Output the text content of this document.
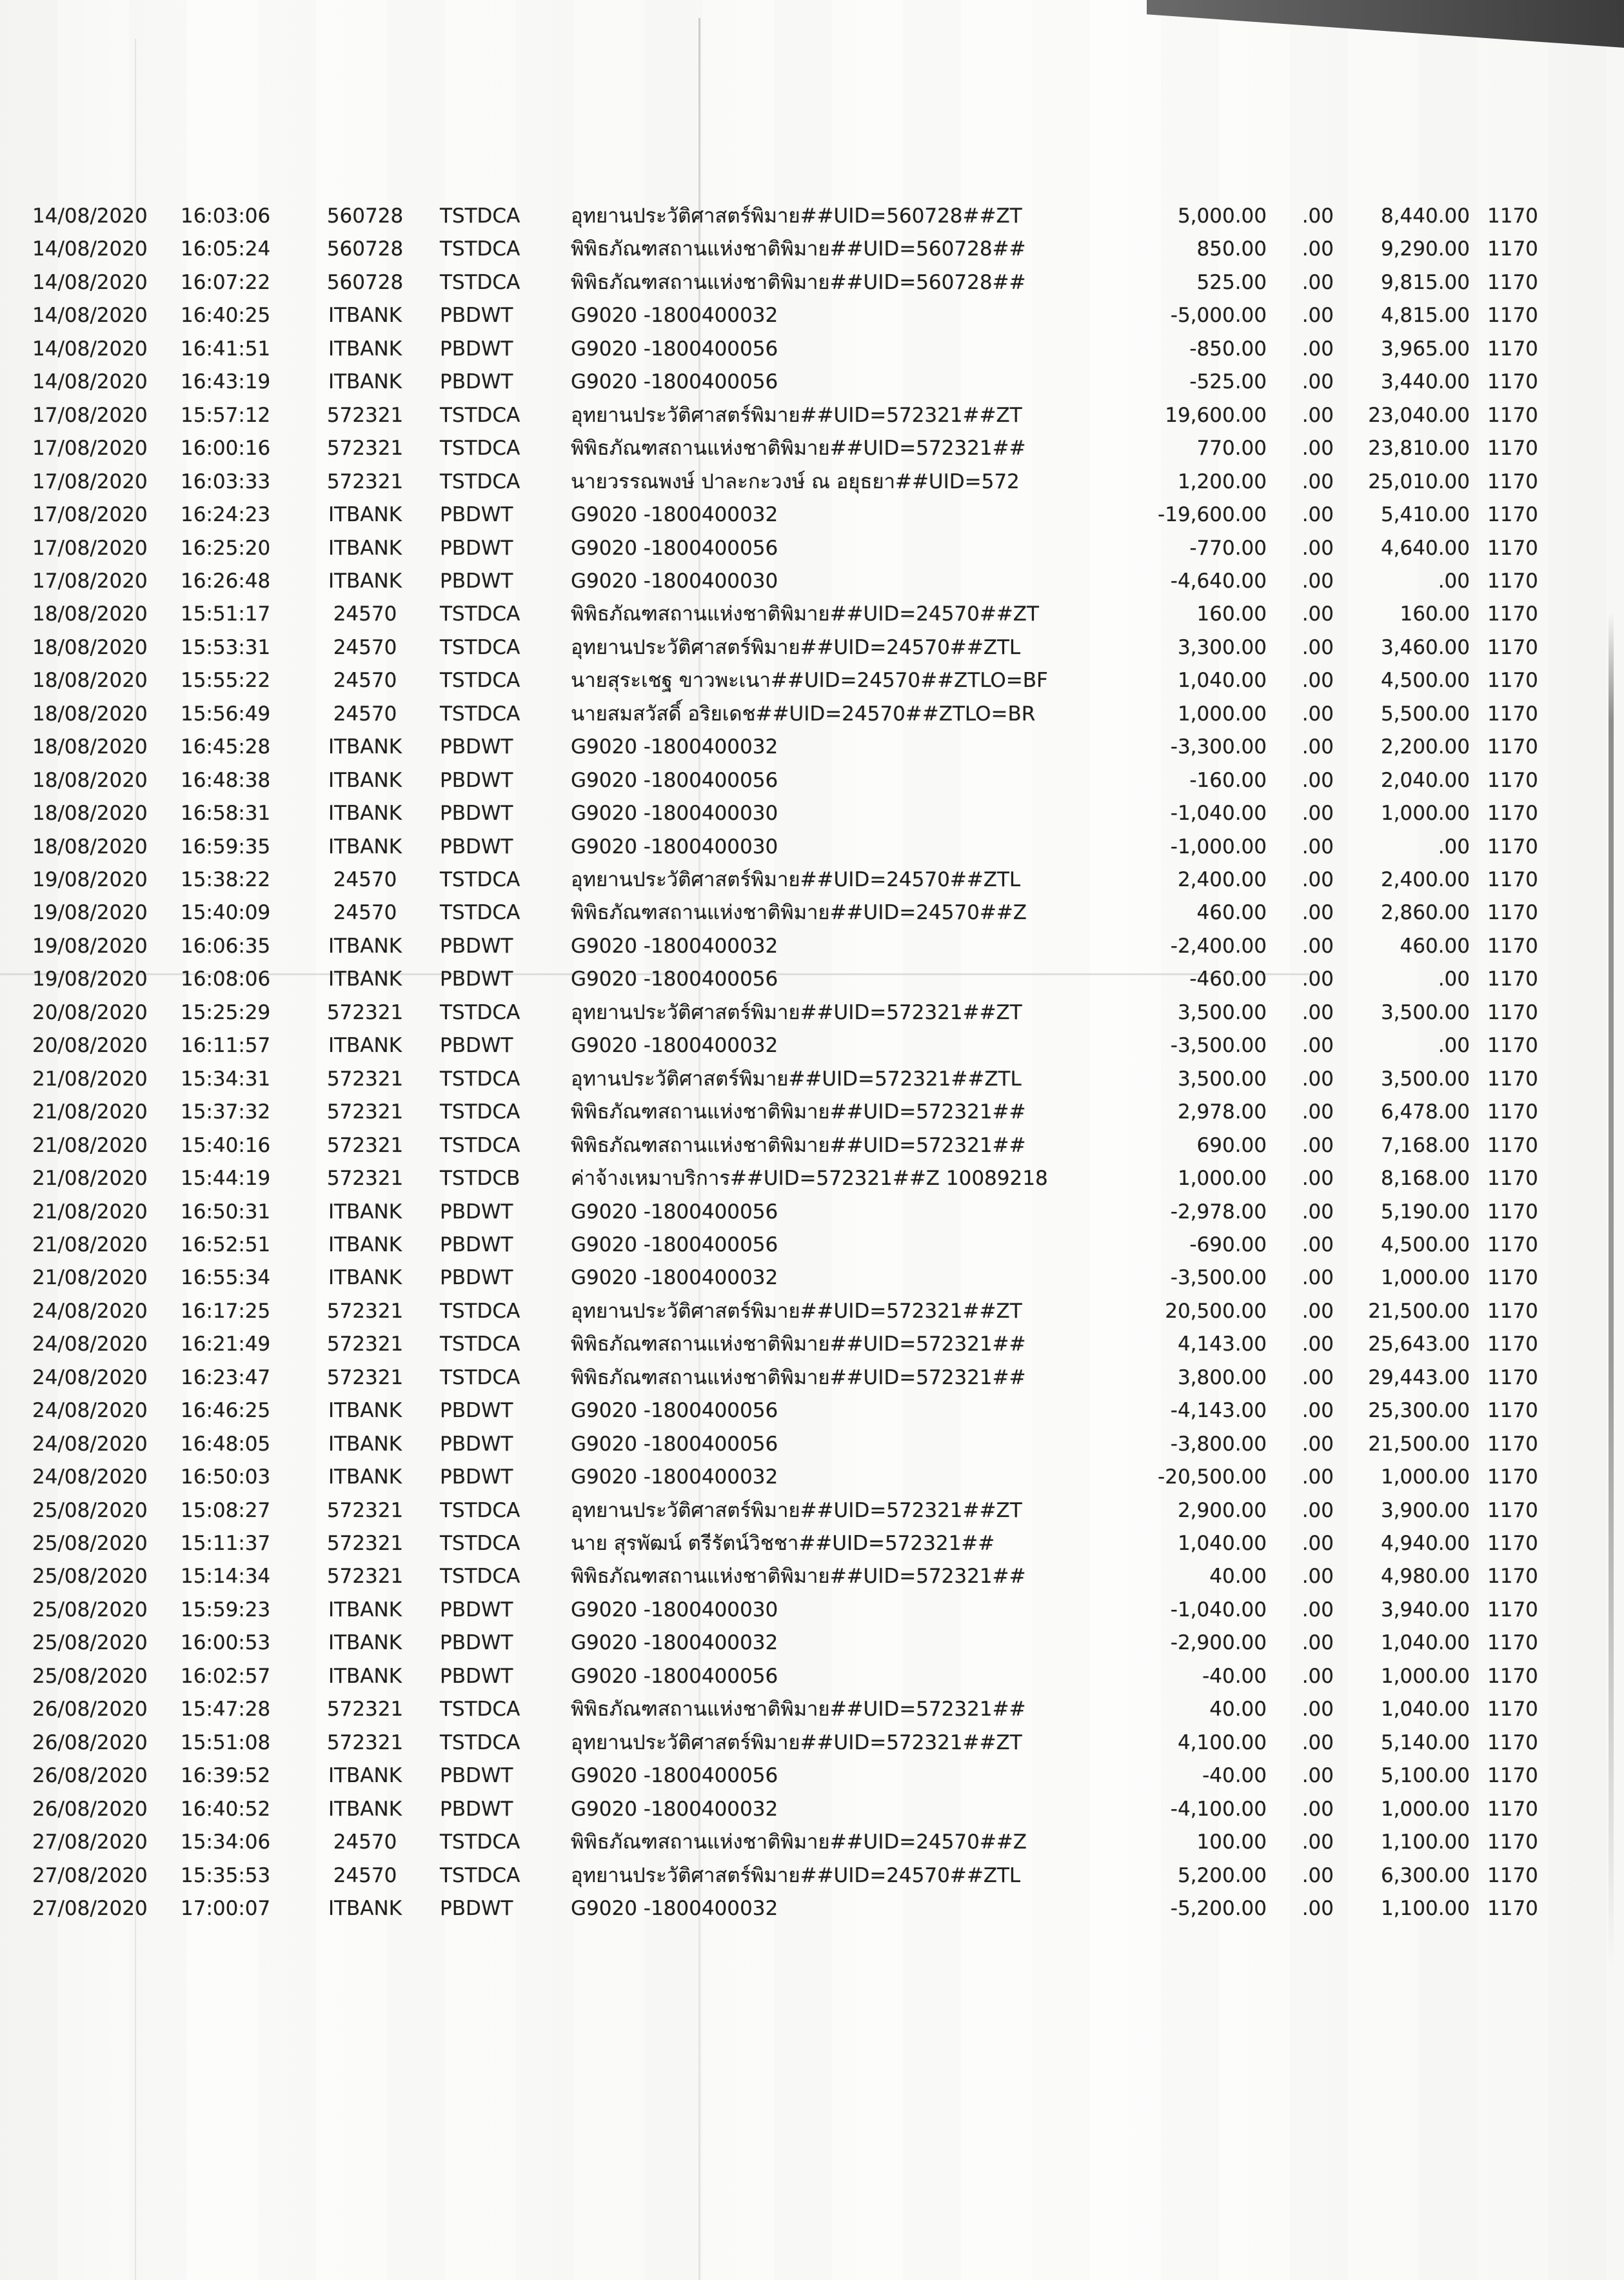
14/08/2020	16:03:06	560728	TSTDCA	อุทยานประวัติศาสตร์พิมาย##UID=560728##ZT	5,000.00	.00	8,440.00 1170
14/08/2020	16:05:24	560728	TSTDCA	พิพิธภัณฑสถานแห่งชาติพิมาย##UID=560728##	850.00	.00	9,290.00 1170
14/08/2020	16:07:22	560728	TSTDCA	พิพิธภัณฑสถานแห่งชาติพิมาย##UID=560728##	525.00	.00	9,815.00 1170
14/08/2020	16:40:25	ITBANK	PBDWT	G9020 -1800400032	-5,000.00	.00	4,815.00 1170
14/08/2020	16:41:51	ITBANK	PBDWT	G9020 -1800400056	-850.00	.00	3,965.00 1170
14/08/2020	16:43:19	ITBANK	PBDWT	G9020 -1800400056	-525.00	.00	3,440.00 1170
17/08/2020	15:57:12	572321	TSTDCA	อุทยานประวัติศาสตร์พิมาย##UID=572321##ZT	19,600.00	.00	23,040.00 1170
17/08/2020	16:00:16	572321	TSTDCA	พิพิธภัณฑสถานแห่งชาติพิมาย##UID=572321##	770.00	.00	23,810.00 1170
17/08/2020	16:03:33	572321	TSTDCA	นายวรรณพงษ์ ปาละกะวงษ์ ณ อยุธยา##UID=572	1,200.00	.00	25,010.00 1170
17/08/2020	16:24:23	ITBANK	PBDWT	G9020 -1800400032	-19,600.00	.00	5,410.00 1170
17/08/2020	16:25:20	ITBANK	PBDWT	G9020 -1800400056	-770.00	.00	4,640.00 1170
17/08/2020	16:26:48	ITBANK	PBDWT	G9020 -1800400030	-4,640.00	.00	.00 1170
18/08/2020	15:51:17	24570	TSTDCA	พิพิธภัณฑสถานแห่งชาติพิมาย##UID=24570##ZT	160.00	.00	160.00 1170
18/08/2020	15:53:31	24570	TSTDCA	อุทยานประวัติศาสตร์พิมาย##UID=24570##ZTL	3,300.00	.00	3,460.00 1170
18/08/2020	15:55:22	24570	TSTDCA	นายสุระเชฐ ขาวพะเนา##UID=24570##ZTLO=BF	1,040.00	.00	4,500.00 1170
18/08/2020	15:56:49	24570	TSTDCA	นายสมสวัสดิ์ อริยเดช##UID=24570##ZTLO=BR	1,000.00	.00	5,500.00 1170
18/08/2020	16:45:28	ITBANK	PBDWT	G9020 -1800400032	-3,300.00	.00	2,200.00 1170
18/08/2020	16:48:38	ITBANK	PBDWT	G9020 -1800400056	-160.00	.00	2,040.00 1170
18/08/2020	16:58:31	ITBANK	PBDWT	G9020 -1800400030	-1,040.00	.00	1,000.00 1170
18/08/2020	16:59:35	ITBANK	PBDWT	G9020 -1800400030	-1,000.00	.00	.00 1170
19/08/2020	15:38:22	24570	TSTDCA	อุทยานประวัติศาสตร์พิมาย##UID=24570##ZTL	2,400.00	.00	2,400.00 1170
19/08/2020	15:40:09	24570	TSTDCA	พิพิธภัณฑสถานแห่งชาติพิมาย##UID=24570##Z	460.00	.00	2,860.00 1170
19/08/2020	16:06:35	ITBANK	PBDWT	G9020 -1800400032	-2,400.00	.00	460.00 1170
19/08/2020	16:08:06	ITBANK	PBDWT	G9020 -1800400056	-460.00	.00	.00 1170
20/08/2020	15:25:29	572321	TSTDCA	อุทยานประวัติศาสตร์พิมาย##UID=572321##ZT	3,500.00	.00	3,500.00 1170
20/08/2020	16:11:57	ITBANK	PBDWT	G9020 -1800400032	-3,500.00	.00	.00 1170
21/08/2020	15:34:31	572321	TSTDCA	อุทานประวัติศาสตร์พิมาย##UID=572321##ZTL	3,500.00	.00	3,500.00 1170
21/08/2020	15:37:32	572321	TSTDCA	พิพิธภัณฑสถานแห่งชาติพิมาย##UID=572321##	2,978.00	.00	6,478.00 1170
21/08/2020	15:40:16	572321	TSTDCA	พิพิธภัณฑสถานแห่งชาติพิมาย##UID=572321##	690.00	.00	7,168.00 1170
21/08/2020	15:44:19	572321	TSTDCB	ค่าจ้างเหมาบริการ##UID=572321##Z 10089218	1,000.00	.00	8,168.00 1170
21/08/2020	16:50:31	ITBANK	PBDWT	G9020 -1800400056	-2,978.00	.00	5,190.00 1170
21/08/2020	16:52:51	ITBANK	PBDWT	G9020 -1800400056	-690.00	.00	4,500.00 1170
21/08/2020	16:55:34	ITBANK	PBDWT	G9020 -1800400032	-3,500.00	.00	1,000.00 1170
24/08/2020	16:17:25	572321	TSTDCA	อุทยานประวัติศาสตร์พิมาย##UID=572321##ZT	20,500.00	.00	21,500.00 1170
24/08/2020	16:21:49	572321	TSTDCA	พิพิธภัณฑสถานแห่งชาติพิมาย##UID=572321##	4,143.00	.00	25,643.00 1170
24/08/2020	16:23:47	572321	TSTDCA	พิพิธภัณฑสถานแห่งชาติพิมาย##UID=572321##	3,800.00	.00	29,443.00 1170
24/08/2020	16:46:25	ITBANK	PBDWT	G9020 -1800400056	-4,143.00	.00	25,300.00 1170
24/08/2020	16:48:05	ITBANK	PBDWT	G9020 -1800400056	-3,800.00	.00	21,500.00 1170
24/08/2020	16:50:03	ITBANK	PBDWT	G9020 -1800400032	-20,500.00	.00	1,000.00 1170
25/08/2020	15:08:27	572321	TSTDCA	อุทยานประวัติศาสตร์พิมาย##UID=572321##ZT	2,900.00	.00	3,900.00 1170
25/08/2020	15:11:37	572321	TSTDCA	นาย สุรพัฒน์ ตรีรัตน์วิชชา##UID=572321##	1,040.00	.00	4,940.00 1170
25/08/2020	15:14:34	572321	TSTDCA	พิพิธภัณฑสถานแห่งชาติพิมาย##UID=572321##	40.00	.00	4,980.00 1170
25/08/2020	15:59:23	ITBANK	PBDWT	G9020 -1800400030	-1,040.00	.00	3,940.00 1170
25/08/2020	16:00:53	ITBANK	PBDWT	G9020 -1800400032	-2,900.00	.00	1,040.00 1170
25/08/2020	16:02:57	ITBANK	PBDWT	G9020 -1800400056	-40.00	.00	1,000.00 1170
26/08/2020	15:47:28	572321	TSTDCA	พิพิธภัณฑสถานแห่งชาติพิมาย##UID=572321##	40.00	.00	1,040.00 1170
26/08/2020	15:51:08	572321	TSTDCA	อุทยานประวัติศาสตร์พิมาย##UID=572321##ZT	4,100.00	.00	5,140.00 1170
26/08/2020	16:39:52	ITBANK	PBDWT	G9020 -1800400056	-40.00	.00	5,100.00 1170
26/08/2020	16:40:52	ITBANK	PBDWT	G9020 -1800400032	-4,100.00	.00	1,000.00 1170
27/08/2020	15:34:06	24570	TSTDCA	พิพิธภัณฑสถานแห่งชาติพิมาย##UID=24570##Z	100.00	.00	1,100.00 1170
27/08/2020	15:35:53	24570	TSTDCA	อุทยานประวัติศาสตร์พิมาย##UID=24570##ZTL	5,200.00	.00	6,300.00 1170
27/08/2020	17:00:07	ITBANK	PBDWT	G9020 -1800400032	-5,200.00	.00	1,100.00 1170
